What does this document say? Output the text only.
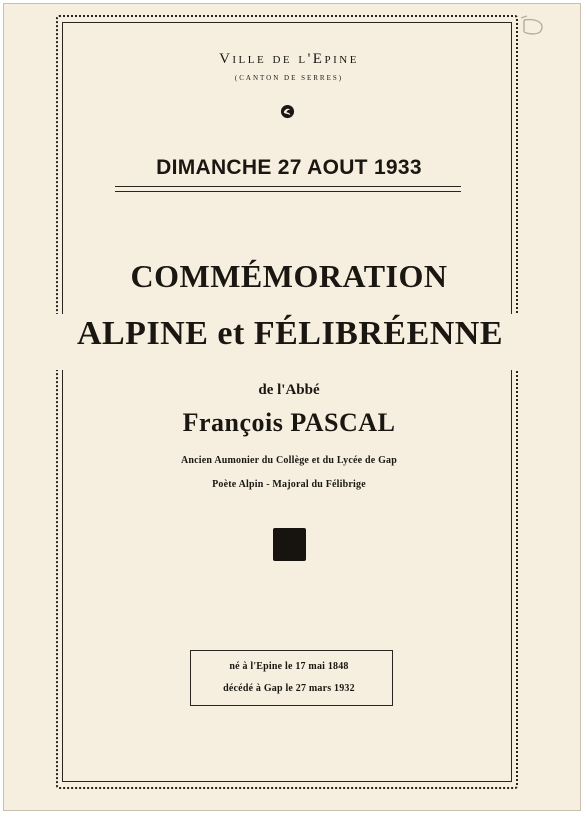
Ville de l'Epine
(CANTON DE SERRES)
DIMANCHE 27 AOUT 1933
COMMÉMORATION
ALPINE et FÉLIBRÉENNE
de l'Abbé
François PASCAL
Ancien Aumonier du Collège et du Lycée de Gap
Poète Alpin - Majoral du Félibrige
né à l'Epine le 17 mai 1848
décédé à Gap le 27 mars 1932
